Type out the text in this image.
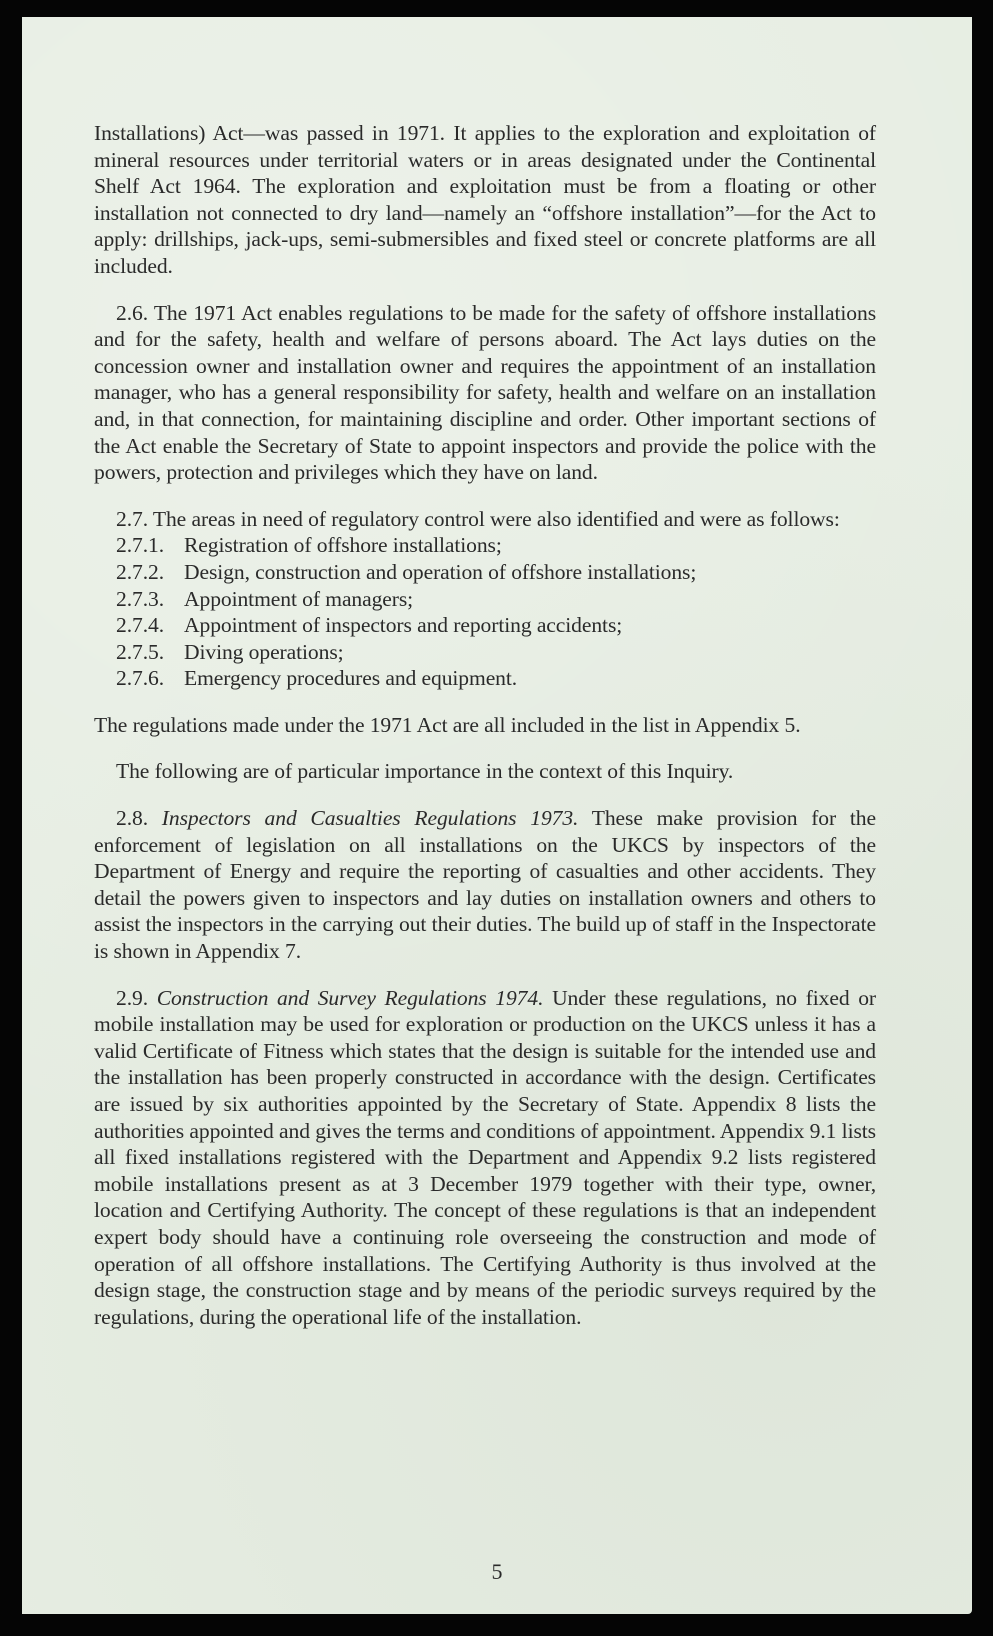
Installations) Act—was passed in 1971. It applies to the exploration and exploitation of mineral resources under territorial waters or in areas designated under the Continental Shelf Act 1964. The exploration and exploitation must be from a floating or other installation not connected to dry land—namely an “offshore installation”—for the Act to apply: drillships, jack-ups, semi-submersibles and fixed steel or concrete platforms are all included.

2.6. The 1971 Act enables regulations to be made for the safety of offshore installations and for the safety, health and welfare of persons aboard. The Act lays duties on the concession owner and installation owner and requires the appointment of an installation manager, who has a general responsibility for safety, health and welfare on an installation and, in that connection, for maintaining discipline and order. Other important sections of the Act enable the Secretary of State to appoint inspectors and provide the police with the powers, protection and privileges which they have on land.

2.7. The areas in need of regulatory control were also identified and were as follows:

2.7.1. Registration of offshore installations;
2.7.2. Design, construction and operation of offshore installations;
2.7.3. Appointment of managers;
2.7.4. Appointment of inspectors and reporting accidents;
2.7.5. Diving operations;
2.7.6. Emergency procedures and equipment.

The regulations made under the 1971 Act are all included in the list in Appendix 5.

The following are of particular importance in the context of this Inquiry.

2.8. Inspectors and Casualties Regulations 1973. These make provision for the enforcement of legislation on all installations on the UKCS by inspectors of the Department of Energy and require the reporting of casualties and other accidents. They detail the powers given to inspectors and lay duties on installation owners and others to assist the inspectors in the carrying out their duties. The build up of staff in the Inspectorate is shown in Appendix 7.

2.9. Construction and Survey Regulations 1974. Under these regulations, no fixed or mobile installation may be used for exploration or production on the UKCS unless it has a valid Certificate of Fitness which states that the design is suitable for the intended use and the installation has been properly constructed in accordance with the design. Certificates are issued by six authorities appointed by the Secretary of State. Appendix 8 lists the authorities appointed and gives the terms and conditions of appointment. Appendix 9.1 lists all fixed installations registered with the Department and Appendix 9.2 lists registered mobile installations present as at 3 December 1979 together with their type, owner, location and Certifying Authority. The concept of these regulations is that an independent expert body should have a continuing role overseeing the construction and mode of operation of all offshore installations. The Certifying Authority is thus involved at the design stage, the construction stage and by means of the periodic surveys required by the regulations, during the operational life of the installation.

5
